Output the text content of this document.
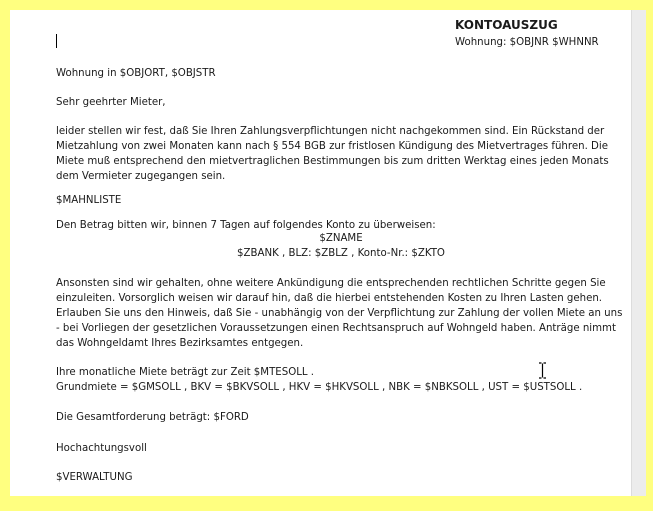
KONTOAUSZUG
Wohnung: $OBJNR $WHNNR
Wohnung in $OBJORT, $OBJSTR
Sehr geehrter Mieter,
leider stellen wir fest, daß Sie Ihren Zahlungsverpflichtungen nicht nachgekommen sind. Ein Rückstand der Mietzahlung von zwei Monaten kann nach § 554 BGB zur fristlosen Kündigung des Mietvertrages führen. Die Miete muß entsprechend den mietvertraglichen Bestimmungen bis zum dritten Werktag eines jeden Monats dem Vermieter zugegangen sein.
$MAHNLISTE
Den Betrag bitten wir, binnen 7 Tagen auf folgendes Konto zu überweisen:
$ZNAME
$ZBANK , BLZ: $ZBLZ , Konto-Nr.: $ZKTO
Ansonsten sind wir gehalten, ohne weitere Ankündigung die entsprechenden rechtlichen Schritte gegen Sie einzuleiten. Vorsorglich weisen wir darauf hin, daß die hierbei entstehenden Kosten zu Ihren Lasten gehen. Erlauben Sie uns den Hinweis, daß Sie - unabhängig von der Verpflichtung zur Zahlung der vollen Miete an uns - bei Vorliegen der gesetzlichen Voraussetzungen einen Rechtsanspruch auf Wohngeld haben. Anträge nimmt das Wohngeldamt Ihres Bezirksamtes entgegen.
Ihre monatliche Miete beträgt zur Zeit $MTESOLL .
Grundmiete = $GMSOLL , BKV = $BKVSOLL , HKV = $HKVSOLL , NBK = $NBKSOLL , UST = $USTSOLL .
Die Gesamtforderung beträgt: $FORD
Hochachtungsvoll
$VERWALTUNG
